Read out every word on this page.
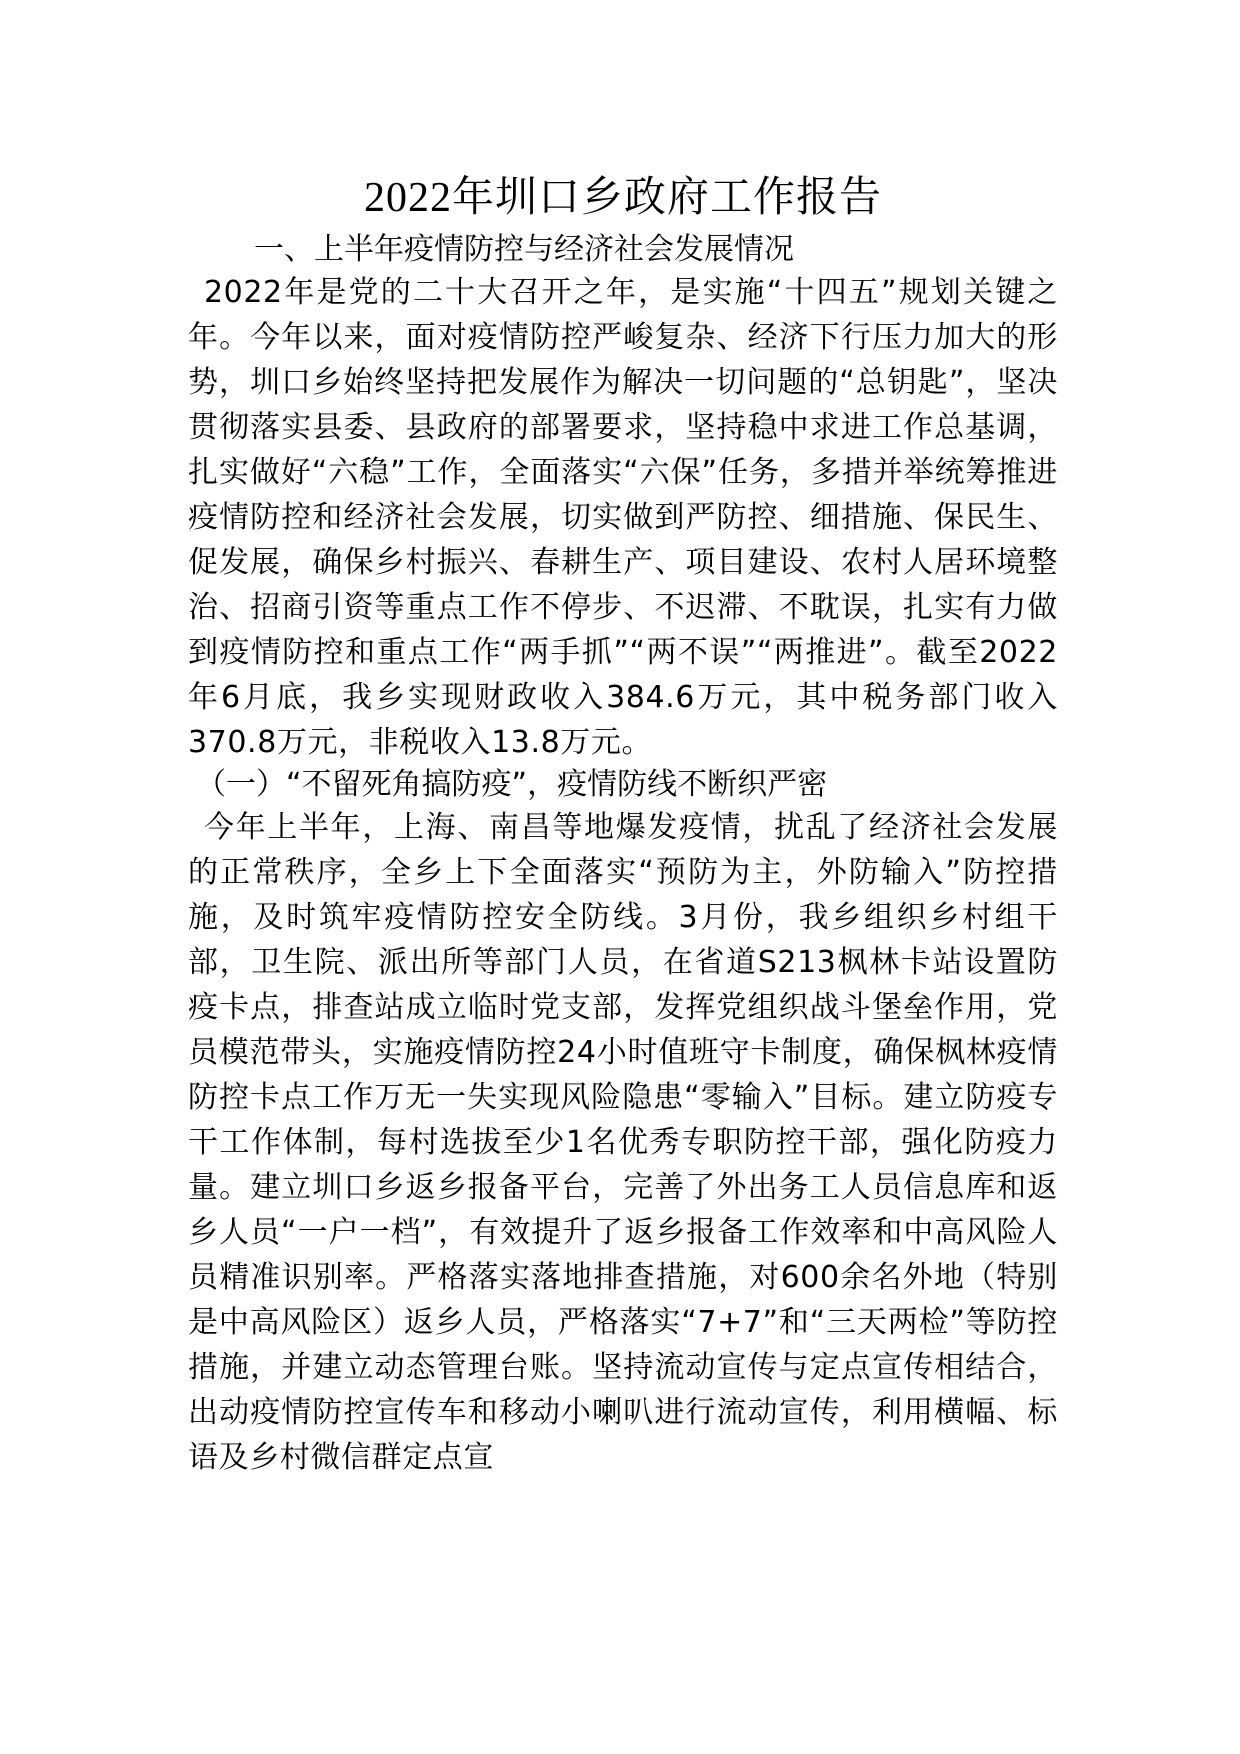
2022年圳口乡政府工作报告
一、上半年疫情防控与经济社会发展情况

2022年是党的二十大召开之年，是实施“十四五”规划关键之年。今年以来，面对疫情防控严峻复杂、经济下行压力加大的形势，圳口乡始终坚持把发展作为解决一切问题的“总钥匙”，坚决贯彻落实县委、县政府的部署要求，坚持稳中求进工作总基调，扎实做好“六稳”工作，全面落实“六保”任务，多措并举统筹推进疫情防控和经济社会发展，切实做到严防控、细措施、保民生、促发展，确保乡村振兴、春耕生产、项目建设、农村人居环境整治、招商引资等重点工作不停步、不迟滞、不耽误，扎实有力做到疫情防控和重点工作“两手抓”“两不误”“两推进”。截至2022年6月底，我乡实现财政收入384.6万元，其中税务部门收入370.8万元，非税收入13.8万元。

（一）“不留死角搞防疫”，疫情防线不断织严密

今年上半年，上海、南昌等地爆发疫情，扰乱了经济社会发展的正常秩序，全乡上下全面落实“预防为主，外防输入”防控措施，及时筑牢疫情防控安全防线。3月份，我乡组织乡村组干部，卫生院、派出所等部门人员，在省道S213枫林卡站设置防疫卡点，排查站成立临时党支部，发挥党组织战斗堡垒作用，党员模范带头，实施疫情防控24小时值班守卡制度，确保枫林疫情防控卡点工作万无一失实现风险隐患“零输入”目标。建立防疫专干工作体制，每村选拔至少1名优秀专职防控干部，强化防疫力量。建立圳口乡返乡报备平台，完善了外出务工人员信息库和返乡人员“一户一档”，有效提升了返乡报备工作效率和中高风险人员精准识别率。严格落实落地排查措施，对600余名外地（特别是中高风险区）返乡人员，严格落实“7+7”和“三天两检”等防控措施，并建立动态管理台账。坚持流动宣传与定点宣传相结合，出动疫情防控宣传车和移动小喇叭进行流动宣传，利用横幅、标语及乡村微信群定点宣
